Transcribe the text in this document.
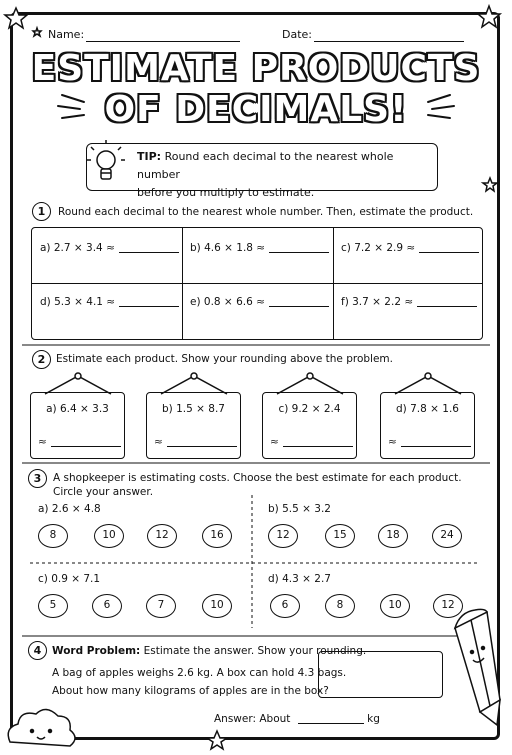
Name:	Date:
ESTIMATE PRODUCTS
OF DECIMALS!
TIP: Round each decimal to the nearest whole number
before you multiply to estimate.
1	Round each decimal to the nearest whole number. Then, estimate the product.
a) 2.7 × 3.4 ≈	b) 4.6 × 1.8 ≈	c) 7.2 × 2.9 ≈
d) 5.3 × 4.1 ≈	e) 0.8 × 6.6 ≈	f) 3.7 × 2.2 ≈
2	Estimate each product. Show your rounding above the problem.
a) 6.4 × 3.3
≈
b) 1.5 × 8.7
≈
c) 9.2 × 2.4
≈
d) 7.8 × 1.6
≈
3	A shopkeeper is estimating costs. Choose the best estimate for each product.
Circle your answer.
a) 2.6 × 4.8
8	10	12	16
b) 5.5 × 3.2
12	15	18	24
c) 0.9 × 7.1
5	6	7	10
d) 4.3 × 2.7
6	8	10	12
4	Word Problem: Estimate the answer. Show your rounding.
A bag of apples weighs 2.6 kg. A box can hold 4.3 bags.
About how many kilograms of apples are in the box?
Answer: About	kg
